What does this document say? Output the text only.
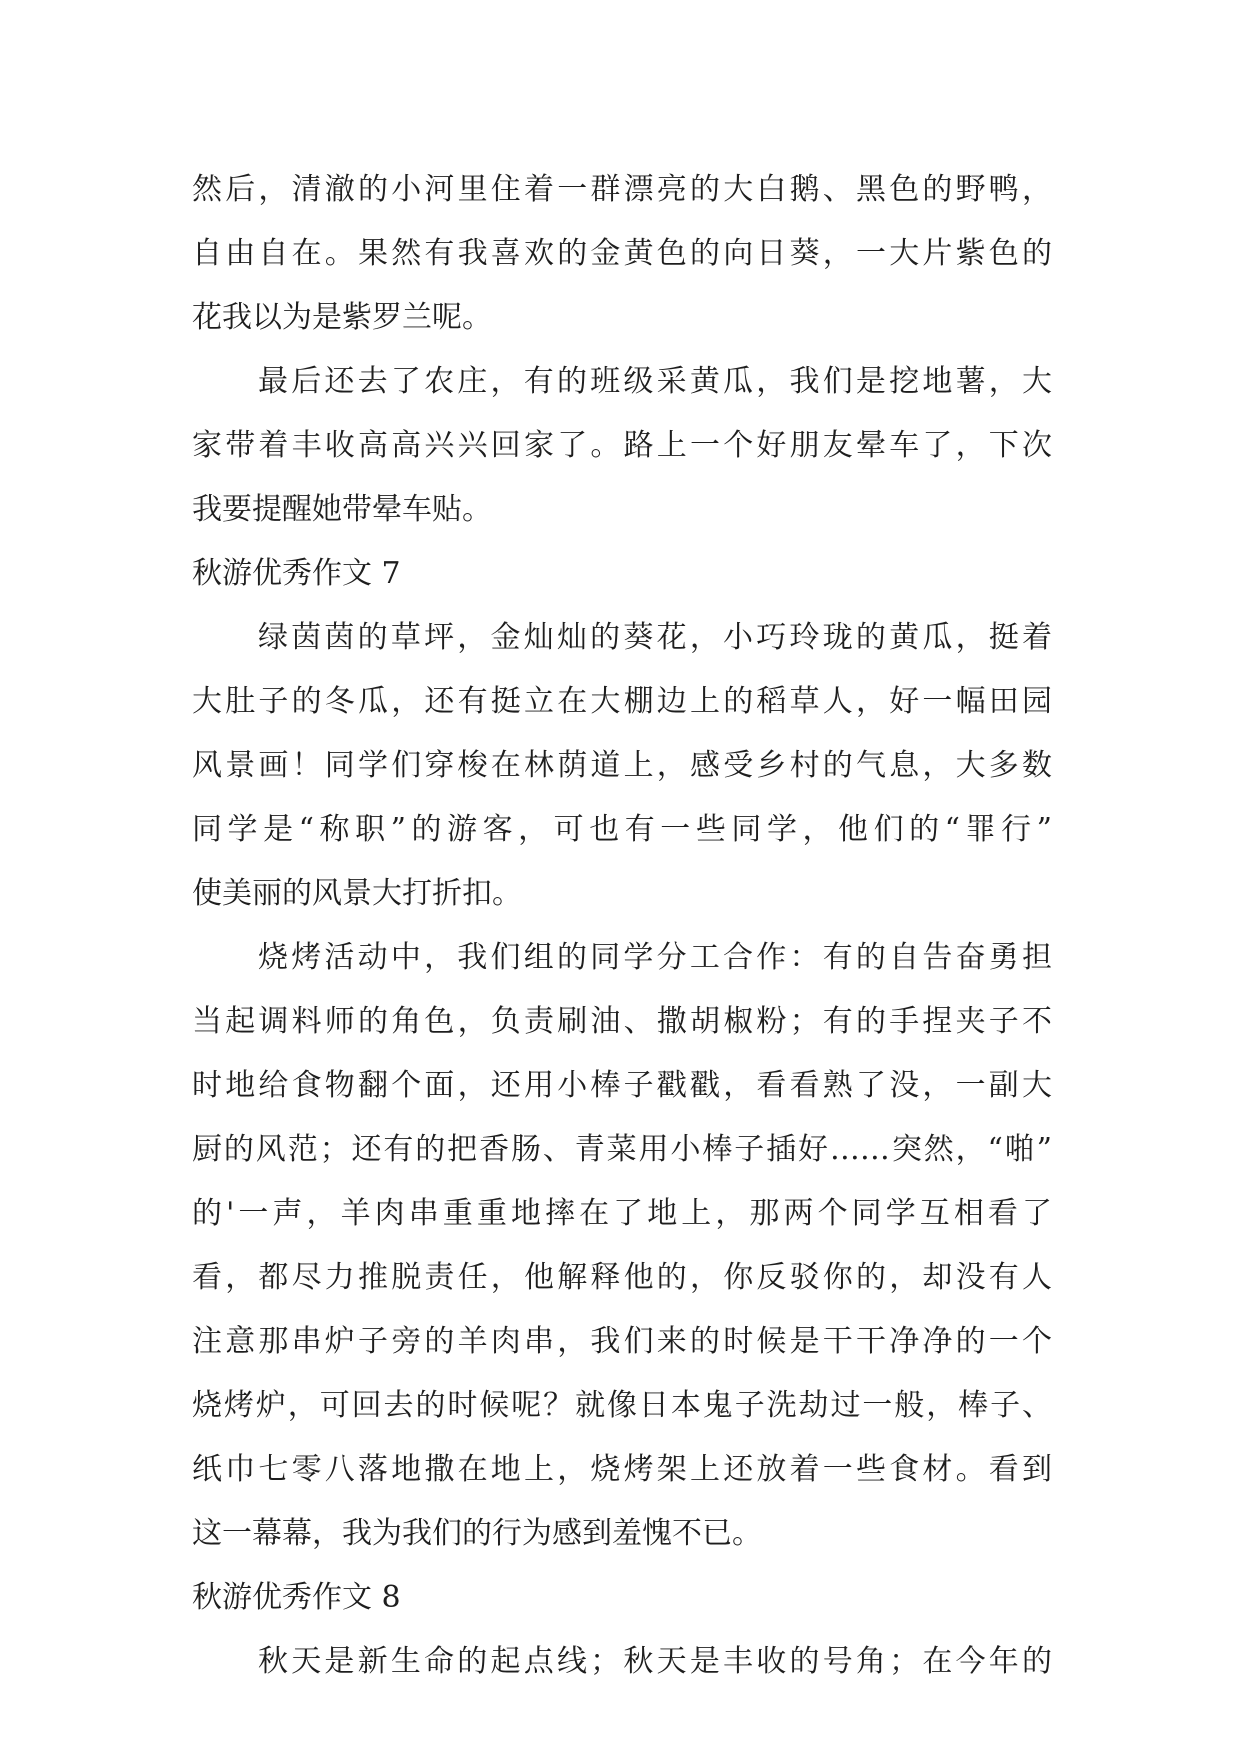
然后，清澈的小河里住着一群漂亮的大白鹅、黑色的野鸭，
自由自在。果然有我喜欢的金黄色的向日葵，一大片紫色的
花我以为是紫罗兰呢。
最后还去了农庄，有的班级采黄瓜，我们是挖地薯，大
家带着丰收高高兴兴回家了。路上一个好朋友晕车了，下次
我要提醒她带晕车贴。
秋游优秀作文 7
绿茵茵的草坪，金灿灿的葵花，小巧玲珑的黄瓜，挺着
大肚子的冬瓜，还有挺立在大棚边上的稻草人，好一幅田园
风景画！同学们穿梭在林荫道上，感受乡村的气息，大多数
同学是“称职”的游客，可也有一些同学，他们的“罪行”
使美丽的风景大打折扣。
烧烤活动中，我们组的同学分工合作：有的自告奋勇担
当起调料师的角色，负责刷油、撒胡椒粉；有的手捏夹子不
时地给食物翻个面，还用小棒子戳戳，看看熟了没，一副大
厨的风范；还有的把香肠、青菜用小棒子插好……突然，“啪”
的'一声，羊肉串重重地摔在了地上，那两个同学互相看了
看，都尽力推脱责任，他解释他的，你反驳你的，却没有人
注意那串炉子旁的羊肉串，我们来的时候是干干净净的一个
烧烤炉，可回去的时候呢？就像日本鬼子洗劫过一般，棒子、
纸巾七零八落地撒在地上，烧烤架上还放着一些食材。看到
这一幕幕，我为我们的行为感到羞愧不已。
秋游优秀作文 8
秋天是新生命的起点线；秋天是丰收的号角；在今年的
